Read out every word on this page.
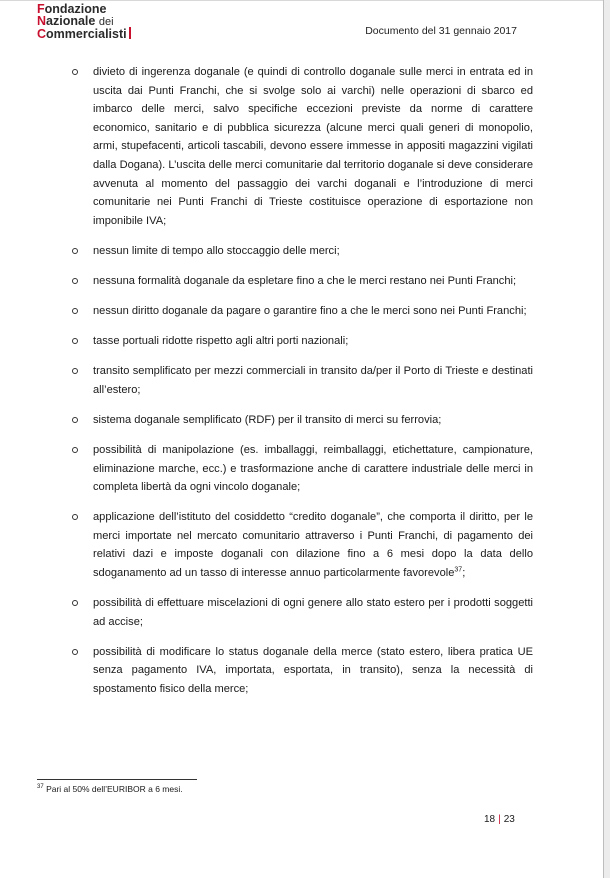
Fondazione
Nazionale dei
Commercialisti	Documento del 31 gennaio 2017
divieto di ingerenza doganale (e quindi di controllo doganale sulle merci in entrata ed in uscita dai Punti Franchi, che si svolge solo ai varchi) nelle operazioni di sbarco ed imbarco delle merci, salvo specifiche eccezioni previste da norme di carattere economico, sanitario e di pubblica sicurezza (alcune merci quali generi di monopolio, armi, stupefacenti, articoli tascabili, devono essere immesse in appositi magazzini vigilati dalla Dogana). L’uscita delle merci comunitarie dal territorio doganale si deve considerare avvenuta al momento del passaggio dei varchi doganali e l’introduzione di merci comunitarie nei Punti Franchi di Trieste costituisce operazione di esportazione non imponibile IVA;
nessun limite di tempo allo stoccaggio delle merci;
nessuna formalità doganale da espletare fino a che le merci restano nei Punti Franchi;
nessun diritto doganale da pagare o garantire fino a che le merci sono nei Punti Franchi;
tasse portuali ridotte rispetto agli altri porti nazionali;
transito semplificato per mezzi commerciali in transito da/per il Porto di Trieste e destinati all’estero;
sistema doganale semplificato (RDF) per il transito di merci su ferrovia;
possibilità di manipolazione (es. imballaggi, reimballaggi, etichettature, campionature, eliminazione marche, ecc.) e trasformazione anche di carattere industriale delle merci in completa libertà da ogni vincolo doganale;
applicazione dell’istituto del cosiddetto “credito doganale”, che comporta il diritto, per le merci importate nel mercato comunitario attraverso i Punti Franchi, di pagamento dei relativi dazi e imposte doganali con dilazione fino a 6 mesi dopo la data dello sdoganamento ad un tasso di interesse annuo particolarmente favorevole$^{37}$;
possibilità di effettuare miscelazioni di ogni genere allo stato estero per i prodotti soggetti ad accise;
possibilità di modificare lo status doganale della merce (stato estero, libera pratica UE senza pagamento IVA, importata, esportata, in transito), senza la necessità di spostamento fisico della merce;
$^{37}$ Pari al 50% dell’EURIBOR a 6 mesi.
18 | 23
